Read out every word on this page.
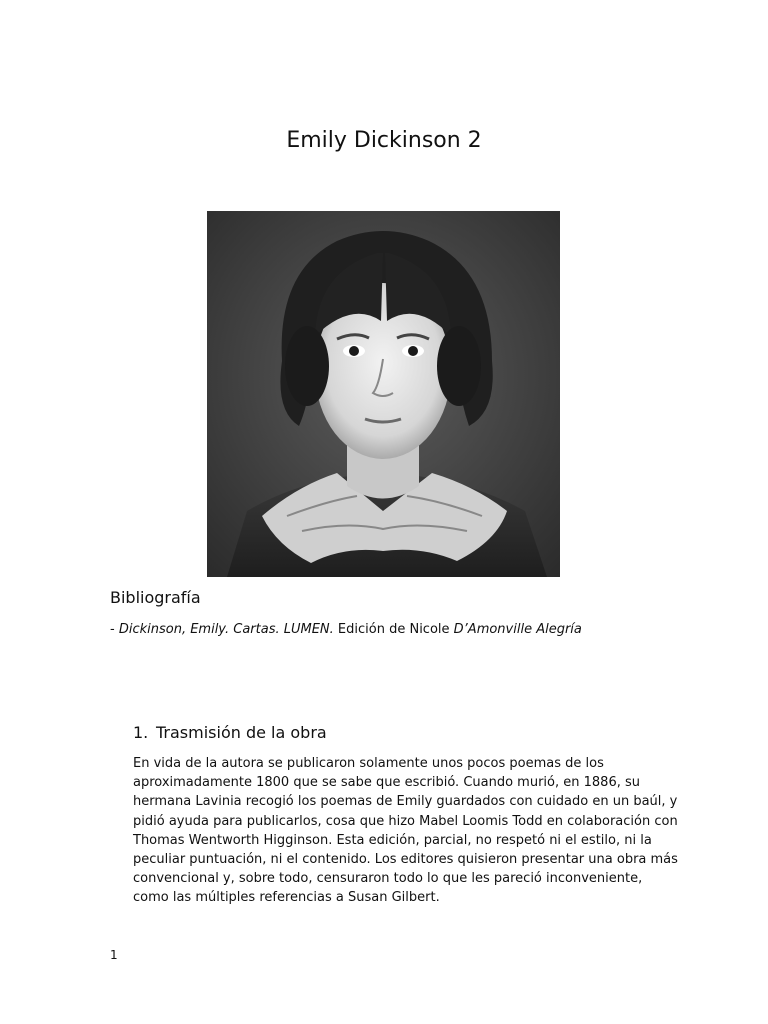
Emily Dickinson 2
Bibliografía

- Dickinson, Emily. Cartas. LUMEN. Edición de Nicole D’Amonville Alegría

1. Trasmisión de la obra

En vida de la autora se publicaron solamente unos pocos poemas de los
aproximadamente 1800 que se sabe que escribió. Cuando murió, en 1886, su
hermana Lavinia recogió los poemas de Emily guardados con cuidado en un baúl, y
pidió ayuda para publicarlos, cosa que hizo Mabel Loomis Todd en colaboración con
Thomas Wentworth Higginson. Esta edición, parcial, no respetó ni el estilo, ni la
peculiar puntuación, ni el contenido. Los editores quisieron presentar una obra más
convencional y, sobre todo, censuraron todo lo que les pareció inconveniente,
como las múltiples referencias a Susan Gilbert.

1
